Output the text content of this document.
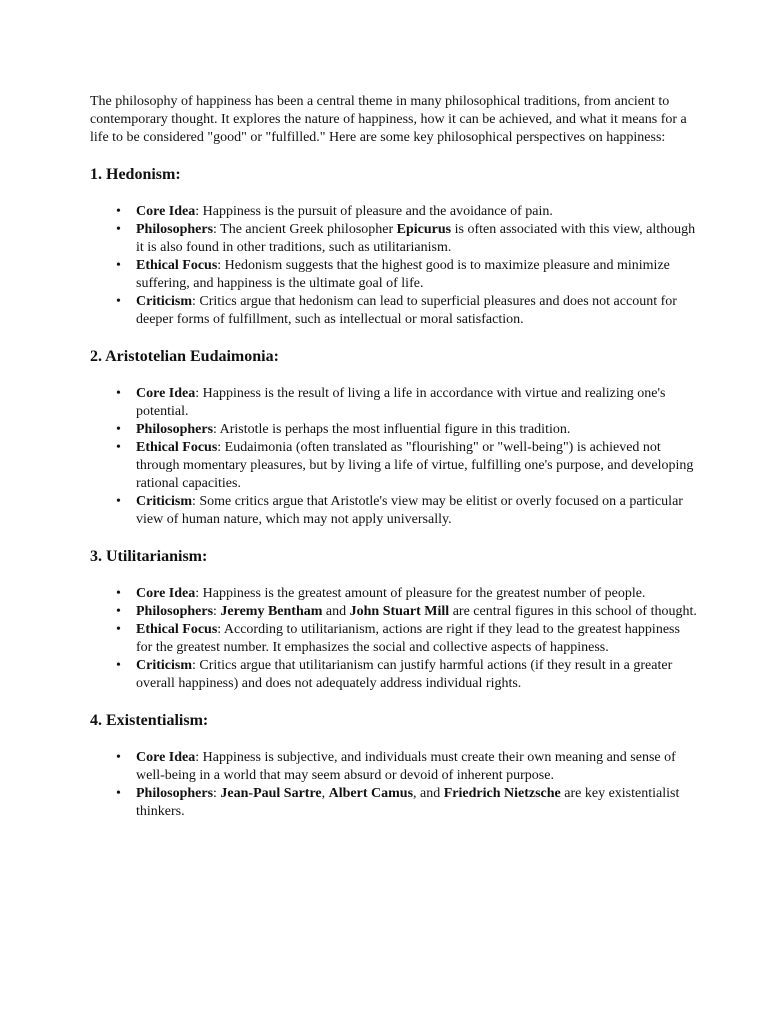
The philosophy of happiness has been a central theme in many philosophical traditions, from ancient to contemporary thought. It explores the nature of happiness, how it can be achieved, and what it means for a life to be considered "good" or "fulfilled." Here are some key philosophical perspectives on happiness:

1. Hedonism:
• Core Idea: Happiness is the pursuit of pleasure and the avoidance of pain.
• Philosophers: The ancient Greek philosopher Epicurus is often associated with this view, although it is also found in other traditions, such as utilitarianism.
• Ethical Focus: Hedonism suggests that the highest good is to maximize pleasure and minimize suffering, and happiness is the ultimate goal of life.
• Criticism: Critics argue that hedonism can lead to superficial pleasures and does not account for deeper forms of fulfillment, such as intellectual or moral satisfaction.
2. Aristotelian Eudaimonia:
• Core Idea: Happiness is the result of living a life in accordance with virtue and realizing one's potential.
• Philosophers: Aristotle is perhaps the most influential figure in this tradition.
• Ethical Focus: Eudaimonia (often translated as "flourishing" or "well-being") is achieved not through momentary pleasures, but by living a life of virtue, fulfilling one's purpose, and developing rational capacities.
• Criticism: Some critics argue that Aristotle's view may be elitist or overly focused on a particular view of human nature, which may not apply universally.
3. Utilitarianism:
• Core Idea: Happiness is the greatest amount of pleasure for the greatest number of people.
• Philosophers: Jeremy Bentham and John Stuart Mill are central figures in this school of thought.
• Ethical Focus: According to utilitarianism, actions are right if they lead to the greatest happiness for the greatest number. It emphasizes the social and collective aspects of happiness.
• Criticism: Critics argue that utilitarianism can justify harmful actions (if they result in a greater overall happiness) and does not adequately address individual rights.
4. Existentialism:
• Core Idea: Happiness is subjective, and individuals must create their own meaning and sense of well-being in a world that may seem absurd or devoid of inherent purpose.
• Philosophers: Jean-Paul Sartre, Albert Camus, and Friedrich Nietzsche are key existentialist thinkers.
